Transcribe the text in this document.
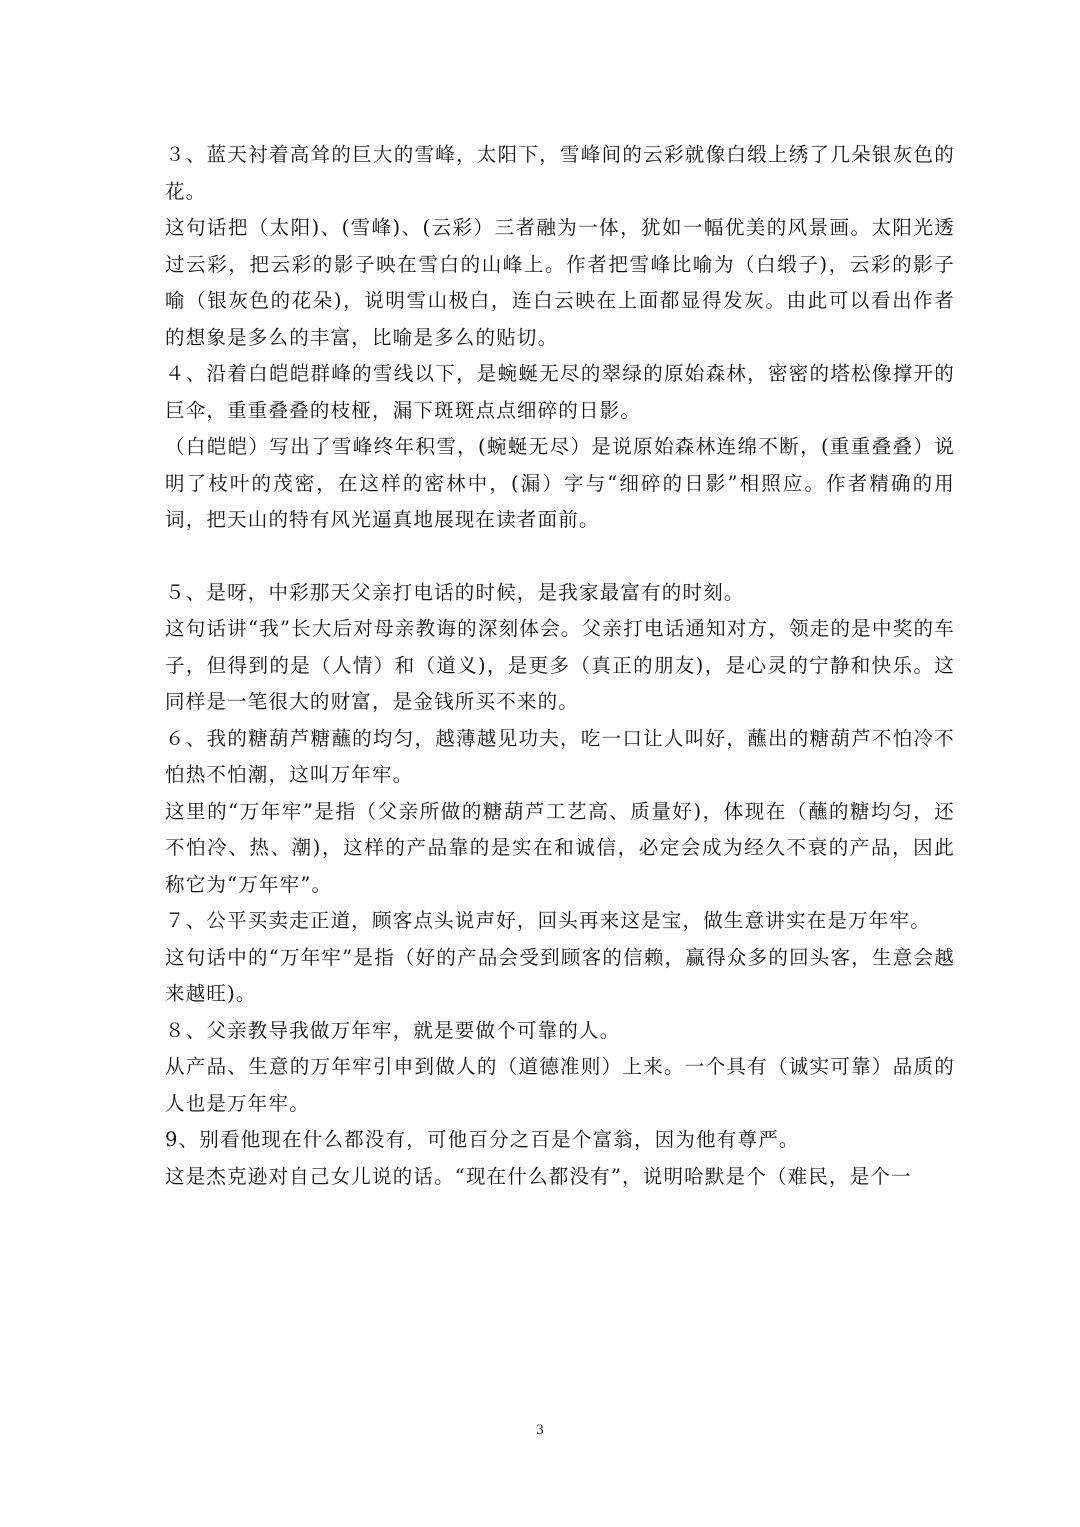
３、蓝天衬着高耸的巨大的雪峰，太阳下，雪峰间的云彩就像白缎上绣了几朵银灰色的花。

这句话把（太阳)、(雪峰)、(云彩）三者融为一体，犹如一幅优美的风景画。太阳光透过云彩，把云彩的影子映在雪白的山峰上。作者把雪峰比喻为（白缎子)，云彩的影子喻（银灰色的花朵)，说明雪山极白，连白云映在上面都显得发灰。由此可以看出作者的想象是多么的丰富，比喻是多么的贴切。

４、沿着白皑皑群峰的雪线以下，是蜿蜒无尽的翠绿的原始森林，密密的塔松像撑开的巨伞，重重叠叠的枝桠，漏下斑斑点点细碎的日影。

（白皑皑）写出了雪峰终年积雪，(蜿蜒无尽）是说原始森林连绵不断，(重重叠叠）说明了枝叶的茂密，在这样的密林中，(漏）字与“细碎的日影”相照应。作者精确的用词，把天山的特有风光逼真地展现在读者面前。

５、是呀，中彩那天父亲打电话的时候，是我家最富有的时刻。

这句话讲“我”长大后对母亲教诲的深刻体会。父亲打电话通知对方，领走的是中奖的车子，但得到的是（人情）和（道义)，是更多（真正的朋友)，是心灵的宁静和快乐。这同样是一笔很大的财富，是金钱所买不来的。

６、我的糖葫芦糖蘸的均匀，越薄越见功夫，吃一口让人叫好，蘸出的糖葫芦不怕冷不怕热不怕潮，这叫万年牢。

这里的“万年牢”是指（父亲所做的糖葫芦工艺高、质量好)，体现在（蘸的糖均匀，还不怕冷、热、潮)，这样的产品靠的是实在和诚信，必定会成为经久不衰的产品，因此称它为“万年牢”。

７、公平买卖走正道，顾客点头说声好，回头再来这是宝，做生意讲实在是万年牢。

这句话中的“万年牢”是指（好的产品会受到顾客的信赖，赢得众多的回头客，生意会越来越旺)。

８、父亲教导我做万年牢，就是要做个可靠的人。

从产品、生意的万年牢引申到做人的（道德准则）上来。一个具有（诚实可靠）品质的人也是万年牢。

9、别看他现在什么都没有，可他百分之百是个富翁，因为他有尊严。

这是杰克逊对自己女儿说的话。“现在什么都没有”，说明哈默是个（难民，是个一

3
